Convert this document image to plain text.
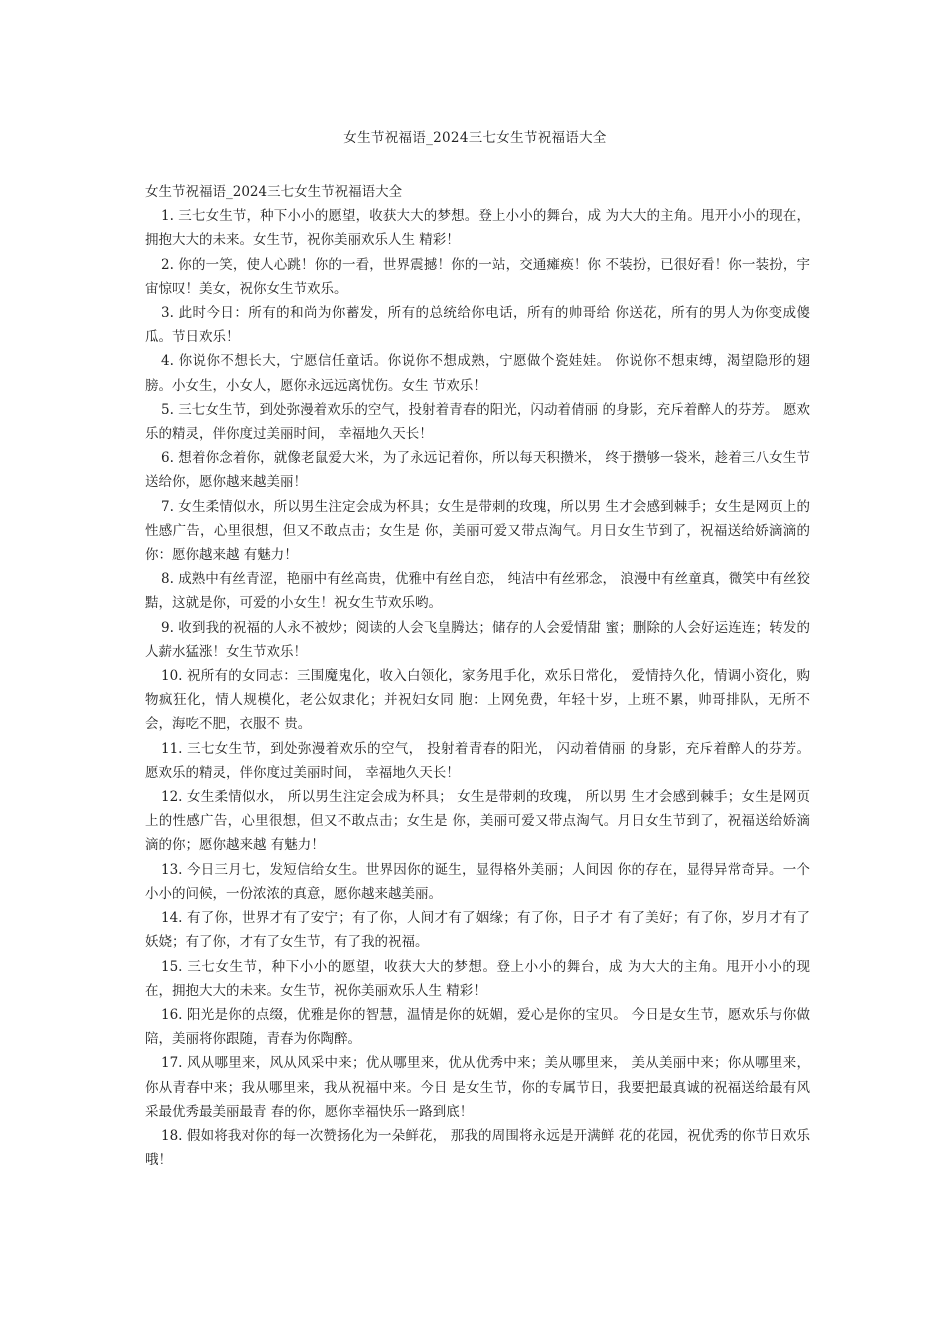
女生节祝福语_2024三七女生节祝福语大全

女生节祝福语_2024三七女生节祝福语大全

1. 三七女生节，种下小小的愿望，收获大大的梦想。登上小小的舞台，成 为大大的主角。甩开小小的现在，拥抱大大的未来。女生节，祝你美丽欢乐人生 精彩！

2. 你的一笑，使人心跳！你的一看，世界震撼！你的一站，交通瘫痪！你 不装扮，已很好看！你一装扮，宇宙惊叹！美女，祝你女生节欢乐。

3. 此时今日：所有的和尚为你蓄发，所有的总统给你电话，所有的帅哥给 你送花，所有的男人为你变成傻瓜。节日欢乐！

4. 你说你不想长大，宁愿信任童话。你说你不想成熟，宁愿做个瓷娃娃。 你说你不想束缚，渴望隐形的翅膀。小女生，小女人，愿你永远远离忧伤。女生 节欢乐！

5. 三七女生节，到处弥漫着欢乐的空气，投射着青春的阳光，闪动着倩丽 的身影，充斥着醉人的芬芳。 愿欢乐的精灵，伴你度过美丽时间， 幸福地久天长！

6. 想着你念着你，就像老鼠爱大米，为了永远记着你，所以每天积攒米， 终于攒够一袋米，趁着三八女生节送给你，愿你越来越美丽！

7. 女生柔情似水，所以男生注定会成为杯具；女生是带刺的玫瑰，所以男 生才会感到棘手；女生是网页上的性感广告，心里很想，但又不敢点击；女生是 你，美丽可爱又带点淘气。月日女生节到了，祝福送给娇滴滴的你：愿你越来越 有魅力！

8. 成熟中有丝青涩，艳丽中有丝高贵，优雅中有丝自恋， 纯洁中有丝邪念， 浪漫中有丝童真，微笑中有丝狡黠，这就是你，可爱的小女生！祝女生节欢乐哟。

9. 收到我的祝福的人永不被炒；阅读的人会飞皇腾达；储存的人会爱情甜 蜜；删除的人会好运连连；转发的人薪水猛涨！女生节欢乐！

10. 祝所有的女同志：三围魔鬼化，收入白领化，家务甩手化，欢乐日常化， 爱情持久化，情调小资化，购物疯狂化，情人规模化，老公奴隶化；并祝妇女同 胞：上网免费，年轻十岁，上班不累，帅哥排队，无所不会，海吃不肥，衣服不 贵。

11. 三七女生节，到处弥漫着欢乐的空气， 投射着青春的阳光， 闪动着倩丽 的身影，充斥着醉人的芬芳。 愿欢乐的精灵，伴你度过美丽时间， 幸福地久天长！

12. 女生柔情似水， 所以男生注定会成为杯具； 女生是带刺的玫瑰， 所以男 生才会感到棘手；女生是网页上的性感广告，心里很想，但又不敢点击；女生是 你，美丽可爱又带点淘气。月日女生节到了，祝福送给娇滴滴的你；愿你越来越 有魅力！

13. 今日三月七，发短信给女生。世界因你的诞生，显得格外美丽；人间因 你的存在，显得异常奇异。一个小小的问候，一份浓浓的真意，愿你越来越美丽。

14. 有了你，世界才有了安宁；有了你，人间才有了姻缘；有了你，日子才 有了美好；有了你，岁月才有了妖娆；有了你，才有了女生节，有了我的祝福。

15. 三七女生节，种下小小的愿望，收获大大的梦想。登上小小的舞台，成 为大大的主角。甩开小小的现在，拥抱大大的未来。女生节，祝你美丽欢乐人生 精彩！

16. 阳光是你的点缀，优雅是你的智慧，温情是你的妩媚，爱心是你的宝贝。 今日是女生节，愿欢乐与你做陪，美丽将你跟随，青春为你陶醉。

17. 风从哪里来，风从风采中来；优从哪里来，优从优秀中来；美从哪里来， 美从美丽中来；你从哪里来，你从青春中来；我从哪里来，我从祝福中来。今日 是女生节，你的专属节日，我要把最真诚的祝福送给最有风采最优秀最美丽最青 春的你，愿你幸福快乐一路到底！

18. 假如将我对你的每一次赞扬化为一朵鲜花， 那我的周围将永远是开满鲜 花的花园，祝优秀的你节日欢乐哦！
